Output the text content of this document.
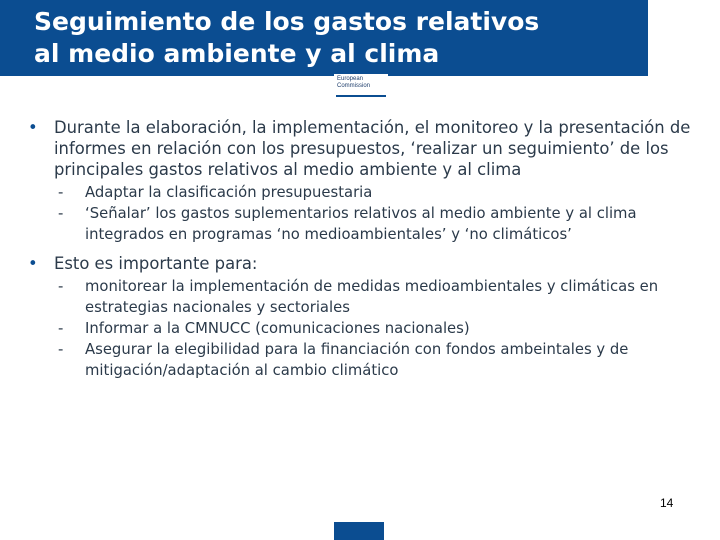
Seguimiento de los gastos relativos
al medio ambiente y al clima
European
Commission
• Durante la elaboración, la implementación, el monitoreo y la presentación de informes en relación con los presupuestos, ‘realizar un seguimiento’ de los principales gastos relativos al medio ambiente y al clima
- Adaptar la clasificación presupuestaria
- ‘Señalar’ los gastos suplementarios relativos al medio ambiente y al clima integrados en programas ‘no medioambientales’ y ‘no climáticos’
• Esto es importante para:
- monitorear la implementación de medidas medioambientales y climáticas en estrategias nacionales y sectoriales
- Informar a la CMNUCC (comunicaciones nacionales)
- Asegurar la elegibilidad para la financiación con fondos ambeintales y de mitigación/adaptación al cambio climático
14
